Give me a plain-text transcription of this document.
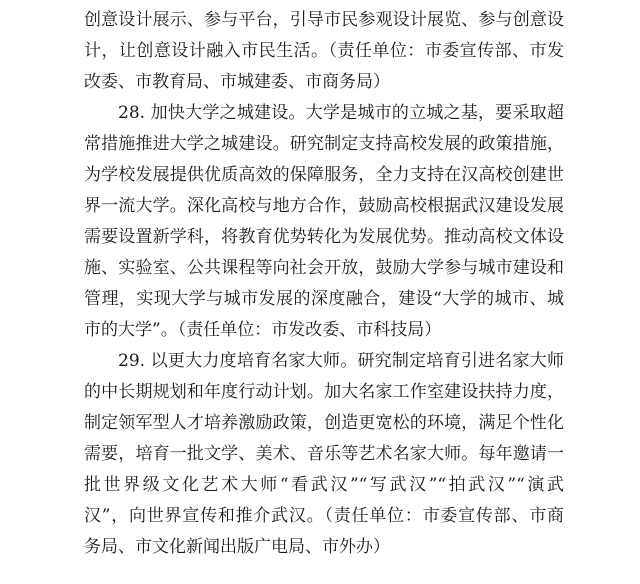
创意设计展示、参与平台，引导市民参观设计展览、参与创意设
计，让创意设计融入市民生活。（责任单位：市委宣传部、市发
改委、市教育局、市城建委、市商务局）
28. 加快大学之城建设。大学是城市的立城之基，要采取超
常措施推进大学之城建设。研究制定支持高校发展的政策措施，
为学校发展提供优质高效的保障服务，全力支持在汉高校创建世
界一流大学。深化高校与地方合作，鼓励高校根据武汉建设发展
需要设置新学科，将教育优势转化为发展优势。推动高校文体设
施、实验室、公共课程等向社会开放，鼓励大学参与城市建设和
管理，实现大学与城市发展的深度融合，建设“大学的城市、城
市的大学”。（责任单位：市发改委、市科技局）
29. 以更大力度培育名家大师。研究制定培育引进名家大师
的中长期规划和年度行动计划。加大名家工作室建设扶持力度，
制定领军型人才培养激励政策，创造更宽松的环境，满足个性化
需要，培育一批文学、美术、音乐等艺术名家大师。每年邀请一
批世界级文化艺术大师“看武汉”“写武汉”“拍武汉”“演武
汉”，向世界宣传和推介武汉。（责任单位：市委宣传部、市商
务局、市文化新闻出版广电局、市外办）
